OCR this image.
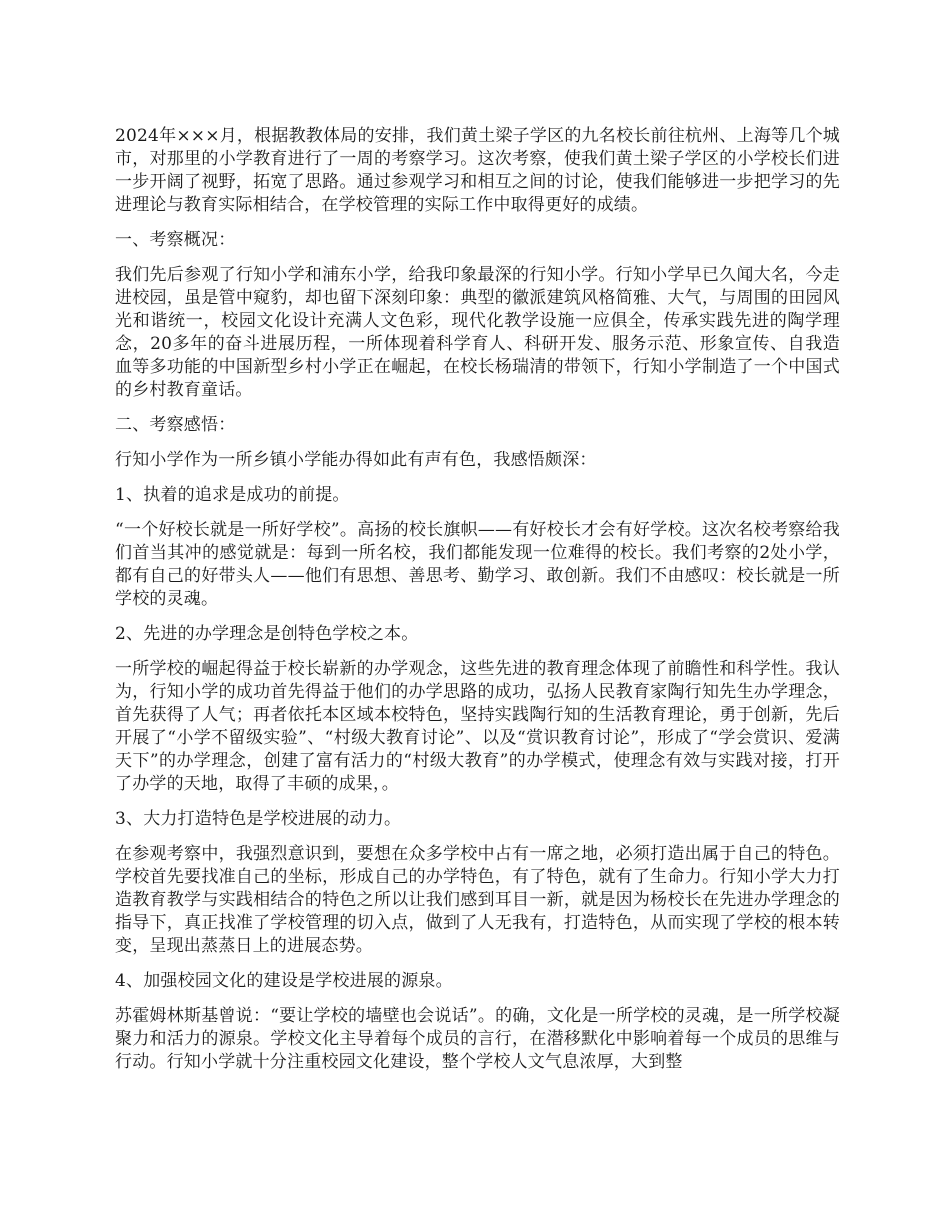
2024年×××月，根据教教体局的安排，我们黄土梁子学区的九名校长前往杭州、上海等几个城市，对那里的小学教育进行了一周的考察学习。这次考察，使我们黄土梁子学区的小学校长们进一步开阔了视野，拓宽了思路。通过参观学习和相互之间的讨论，使我们能够进一步把学习的先进理论与教育实际相结合，在学校管理的实际工作中取得更好的成绩。

一、考察概况：

我们先后参观了行知小学和浦东小学，给我印象最深的行知小学。行知小学早已久闻大名，今走进校园，虽是管中窥豹，却也留下深刻印象：典型的徽派建筑风格简雅、大气，与周围的田园风光和谐统一，校园文化设计充满人文色彩，现代化教学设施一应俱全，传承实践先进的陶学理念，20多年的奋斗进展历程，一所体现着科学育人、科研开发、服务示范、形象宣传、自我造血等多功能的中国新型乡村小学正在崛起，在校长杨瑞清的带领下，行知小学制造了一个中国式的乡村教育童话。

二、考察感悟：

行知小学作为一所乡镇小学能办得如此有声有色，我感悟颇深：

1、执着的追求是成功的前提。

“一个好校长就是一所好学校”。高扬的校长旗帜——有好校长才会有好学校。这次名校考察给我们首当其冲的感觉就是：每到一所名校，我们都能发现一位难得的校长。我们考察的2处小学，都有自己的好带头人——他们有思想、善思考、勤学习、敢创新。我们不由感叹：校长就是一所学校的灵魂。

2、先进的办学理念是创特色学校之本。

一所学校的崛起得益于校长崭新的办学观念，这些先进的教育理念体现了前瞻性和科学性。我认为，行知小学的成功首先得益于他们的办学思路的成功，弘扬人民教育家陶行知先生办学理念，首先获得了人气；再者依托本区域本校特色，坚持实践陶行知的生活教育理论，勇于创新，先后开展了“小学不留级实验”、“村级大教育讨论”、以及“赏识教育讨论”，形成了“学会赏识、爱满天下”的办学理念，创建了富有活力的“村级大教育”的办学模式，使理念有效与实践对接，打开了办学的天地，取得了丰硕的成果，。

3、大力打造特色是学校进展的动力。

在参观考察中，我强烈意识到，要想在众多学校中占有一席之地，必须打造出属于自己的特色。学校首先要找准自己的坐标，形成自己的办学特色，有了特色，就有了生命力。行知小学大力打造教育教学与实践相结合的特色之所以让我们感到耳目一新，就是因为杨校长在先进办学理念的指导下，真正找准了学校管理的切入点，做到了人无我有，打造特色，从而实现了学校的根本转变，呈现出蒸蒸日上的进展态势。

4、加强校园文化的建设是学校进展的源泉。

苏霍姆林斯基曾说：“要让学校的墙壁也会说话”。的确，文化是一所学校的灵魂，是一所学校凝聚力和活力的源泉。学校文化主导着每个成员的言行，在潜移默化中影响着每一个成员的思维与行动。行知小学就十分注重校园文化建设，整个学校人文气息浓厚，大到整
